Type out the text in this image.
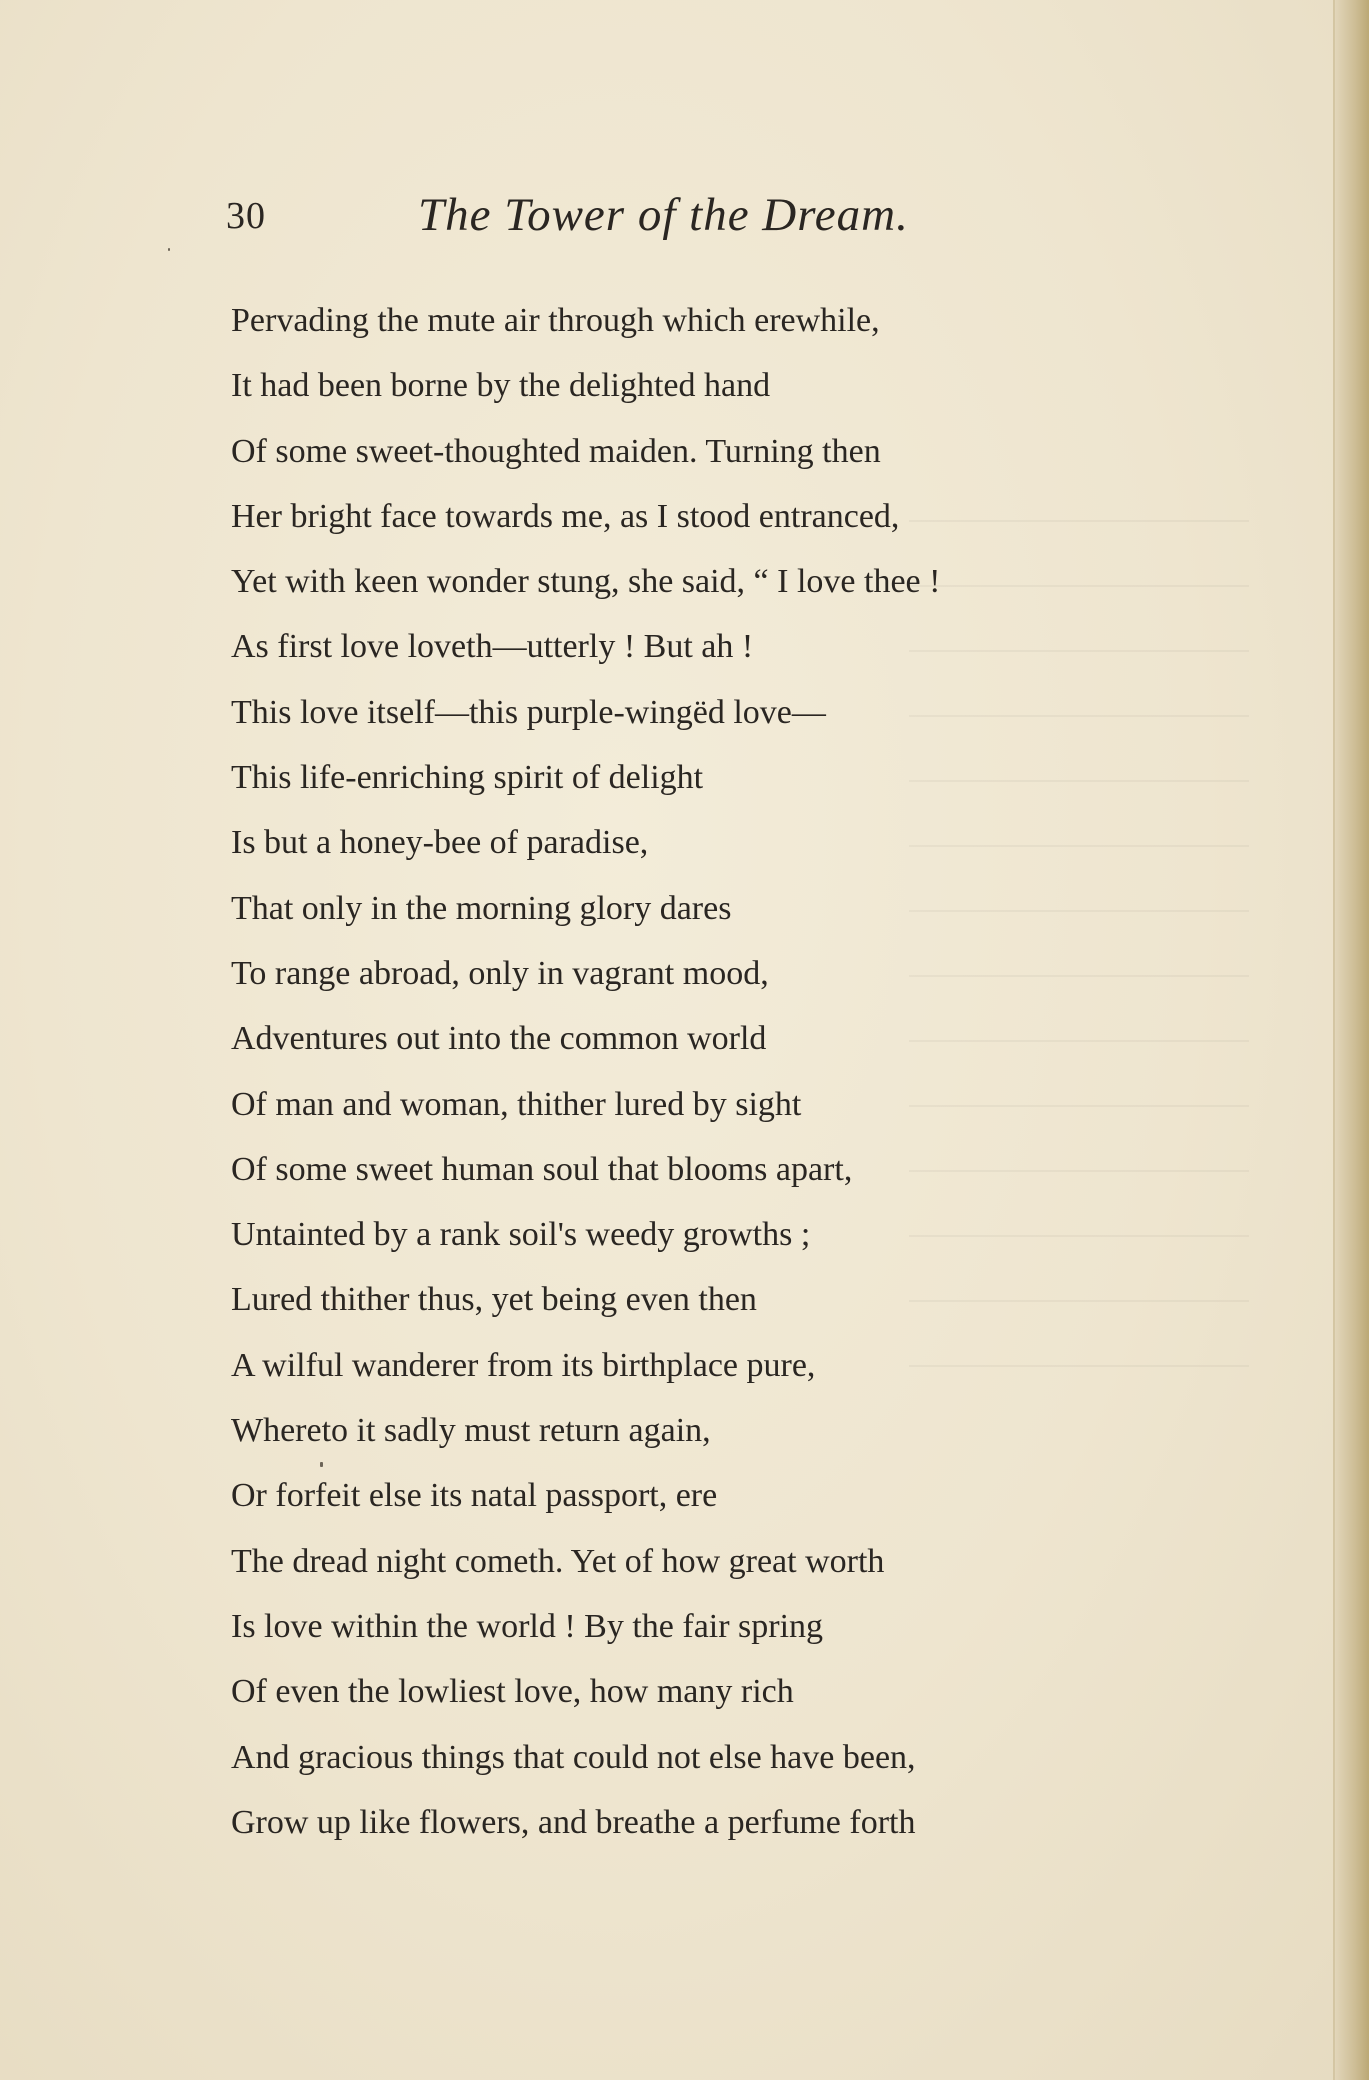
30	The Tower of the Dream.
Pervading the mute air through which erewhile,
It had been borne by the delighted hand
Of some sweet-thoughted maiden. Turning then
Her bright face towards me, as I stood entranced,
Yet with keen wonder stung, she said, “ I love thee !
As first love loveth—utterly ! But ah !
This love itself—this purple-wingëd love—
This life-enriching spirit of delight
Is but a honey-bee of paradise,
That only in the morning glory dares
To range abroad, only in vagrant mood,
Adventures out into the common world
Of man and woman, thither lured by sight
Of some sweet human soul that blooms apart,
Untainted by a rank soil's weedy growths ;
Lured thither thus, yet being even then
A wilful wanderer from its birthplace pure,
Whereto it sadly must return again,
Or forfeit else its natal passport, ere
The dread night cometh. Yet of how great worth
Is love within the world ! By the fair spring
Of even the lowliest love, how many rich
And gracious things that could not else have been,
Grow up like flowers, and breathe a perfume forth
